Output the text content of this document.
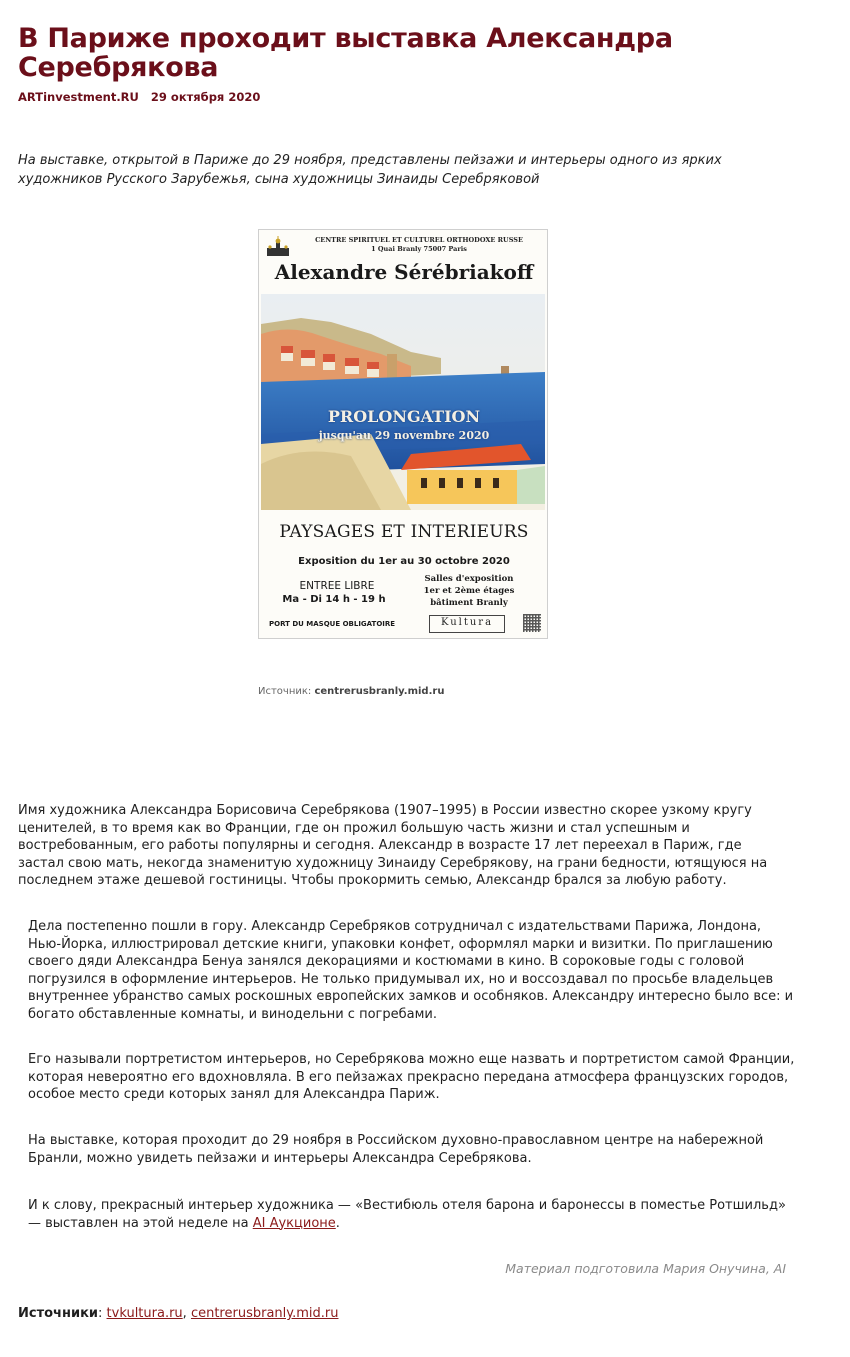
В Париже проходит выставка Александра Серебрякова
ARTinvestment.RU 29 октября 2020
На выставке, открытой в Париже до 29 ноября, представлены пейзажи и интерьеры одного из ярких художников Русского Зарубежья, сына художницы Зинаиды Серебряковой
CENTRE SPIRITUEL ET CULTUREL ORTHODOXE RUSSE
1 Quai Branly 75007 Paris
Alexandre Sérébriakoff
PROLONGATION
jusqu'au 29 novembre 2020
PAYSAGES ET INTERIEURS
Exposition du 1er au 30 octobre 2020
ENTREE LIBRE
Ma - Di 14 h - 19 h
Salles d'exposition
1er et 2ème étages
bâtiment Branly
PORT DU MASQUE OBLIGATOIRE	Kultura
Источник: centrerusbranly.mid.ru

Имя художника Александра Борисовича Серебрякова (1907–1995) в России известно скорее узкому кругу ценителей, в то время как во Франции, где он прожил большую часть жизни и стал успешным и востребованным, его работы популярны и сегодня. Александр в возрасте 17 лет переехал в Париж, где застал свою мать, некогда знаменитую художницу Зинаиду Серебрякову, на грани бедности, ютящуюся на последнем этаже дешевой гостиницы. Чтобы прокормить семью, Александр брался за любую работу.

Дела постепенно пошли в гору. Александр Серебряков сотрудничал с издательствами Парижа, Лондона, Нью-Йорка, иллюстрировал детские книги, упаковки конфет, оформлял марки и визитки. По приглашению своего дяди Александра Бенуа занялся декорациями и костюмами в кино. В сороковые годы с головой погрузился в оформление интерьеров. Не только придумывал их, но и воссоздавал по просьбе владельцев внутреннее убранство самых роскошных европейских замков и особняков. Александру интересно было все: и богато обставленные комнаты, и винодельни с погребами.

Его называли портретистом интерьеров, но Серебрякова можно еще назвать и портретистом самой Франции, которая невероятно его вдохновляла. В его пейзажах прекрасно передана атмосфера французских городов, особое место среди которых занял для Александра Париж.

На выставке, которая проходит до 29 ноября в Российском духовно-православном центре на набережной Бранли, можно увидеть пейзажи и интерьеры Александра Серебрякова.

И к слову, прекрасный интерьер художника — «Вестибюль отеля барона и баронессы в поместье Ротшильд» — выставлен на этой неделе на AI Аукционе.

Материал подготовила Мария Онучина, AI
Источники: tvkultura.ru, centrerusbranly.mid.ru
